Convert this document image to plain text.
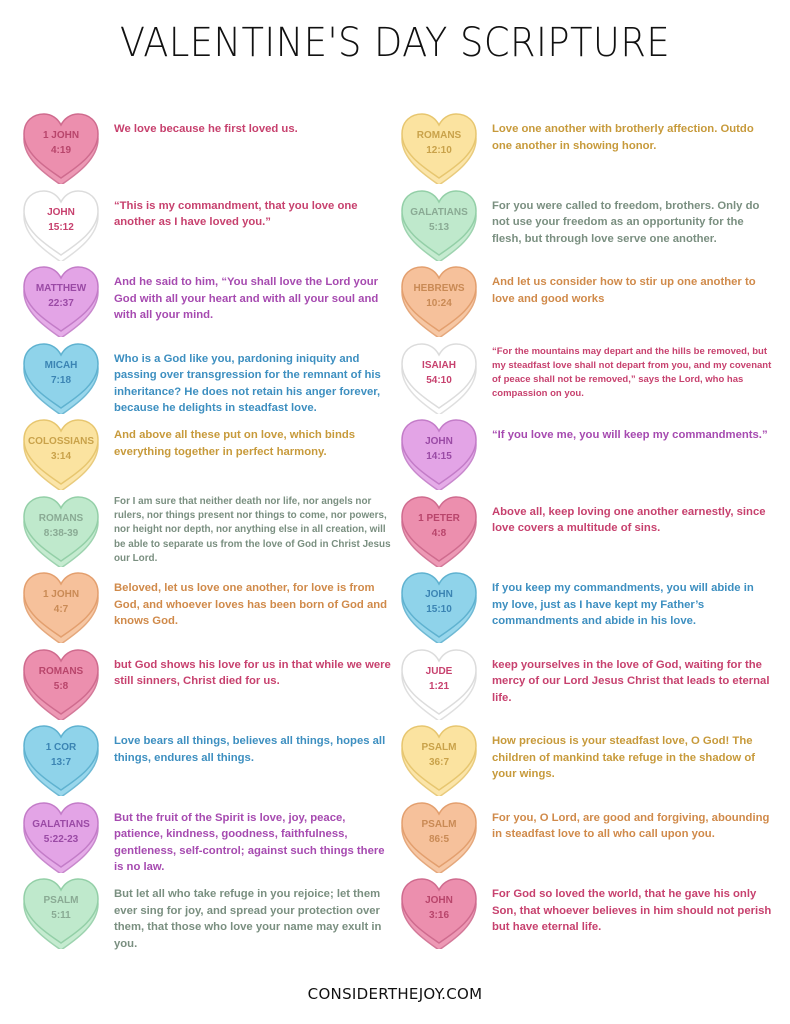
VALENTINE'S DAY SCRIPTURE
1 JOHN
4:19
We love because he first loved us.
JOHN
15:12
“This is my commandment, that you love one another as I have loved you.”
MATTHEW
22:37
And he said to him, “You shall love the Lord your God with all your heart and with all your soul and with all your mind.
MICAH
7:18
Who is a God like you, pardoning iniquity and passing over transgression for the remnant of his inheritance? He does not retain his anger forever, because he delights in steadfast love.
COLOSSIANS
3:14
And above all these put on love, which binds everything together in perfect harmony.
ROMANS
8:38-39
For I am sure that neither death nor life, nor angels nor rulers, nor things present nor things to come, nor powers, nor height nor depth, nor anything else in all creation, will be able to separate us from the love of God in Christ Jesus our Lord.
1 JOHN
4:7
Beloved, let us love one another, for love is from God, and whoever loves has been born of God and knows God.
ROMANS
5:8
but God shows his love for us in that while we were still sinners, Christ died for us.
1 COR
13:7
Love bears all things, believes all things, hopes all things, endures all things.
GALATIANS
5:22-23
But the fruit of the Spirit is love, joy, peace, patience, kindness, goodness, faithfulness, gentleness, self-control; against such things there is no law.
PSALM
5:11
But let all who take refuge in you rejoice; let them ever sing for joy, and spread your protection over them, that those who love your name may exult in you.
ROMANS
12:10
Love one another with brotherly affection. Outdo one another in showing honor.
GALATIANS
5:13
For you were called to freedom, brothers. Only do not use your freedom as an opportunity for the flesh, but through love serve one another.
HEBREWS
10:24
And let us consider how to stir up one another to love and good works
ISAIAH
54:10
“For the mountains may depart and the hills be removed, but my steadfast love shall not depart from you, and my covenant of peace shall not be removed,” says the Lord, who has compassion on you.
JOHN
14:15
“If you love me, you will keep my commandments.”
1 PETER
4:8
Above all, keep loving one another earnestly, since love covers a multitude of sins.
JOHN
15:10
If you keep my commandments, you will abide in my love, just as I have kept my Father’s commandments and abide in his love.
JUDE
1:21
keep yourselves in the love of God, waiting for the mercy of our Lord Jesus Christ that leads to eternal life.
PSALM
36:7
How precious is your steadfast love, O God! The children of mankind take refuge in the shadow of your wings.
PSALM
86:5
For you, O Lord, are good and forgiving, abounding in steadfast love to all who call upon you.
JOHN
3:16
For God so loved the world, that he gave his only Son, that whoever believes in him should not perish but have eternal life.
CONSIDERTHEJOY.COM
